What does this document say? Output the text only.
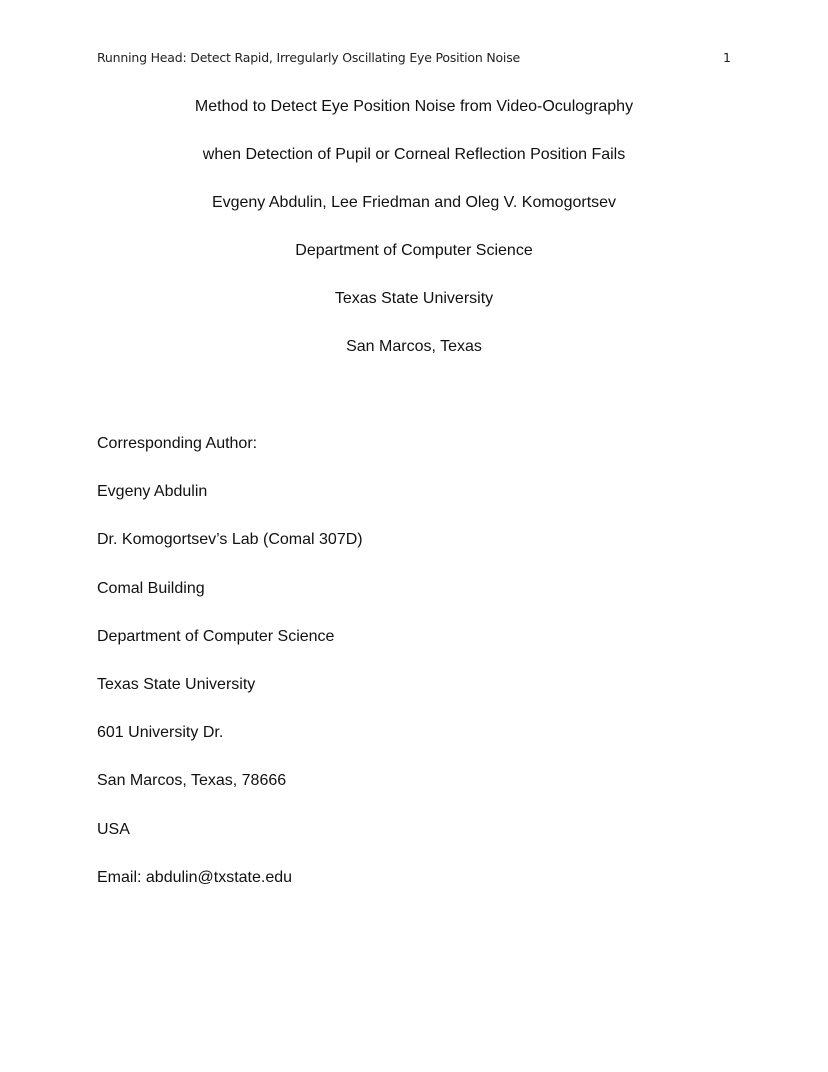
Running Head: Detect Rapid, Irregularly Oscillating Eye Position Noise	1
Method to Detect Eye Position Noise from Video-Oculography
when Detection of Pupil or Corneal Reflection Position Fails
Evgeny Abdulin, Lee Friedman and Oleg V. Komogortsev
Department of Computer Science
Texas State University
San Marcos, Texas
Corresponding Author:
Evgeny Abdulin
Dr. Komogortsev’s Lab (Comal 307D)
Comal Building
Department of Computer Science
Texas State University
601 University Dr.
San Marcos, Texas, 78666
USA
Email: abdulin@txstate.edu
